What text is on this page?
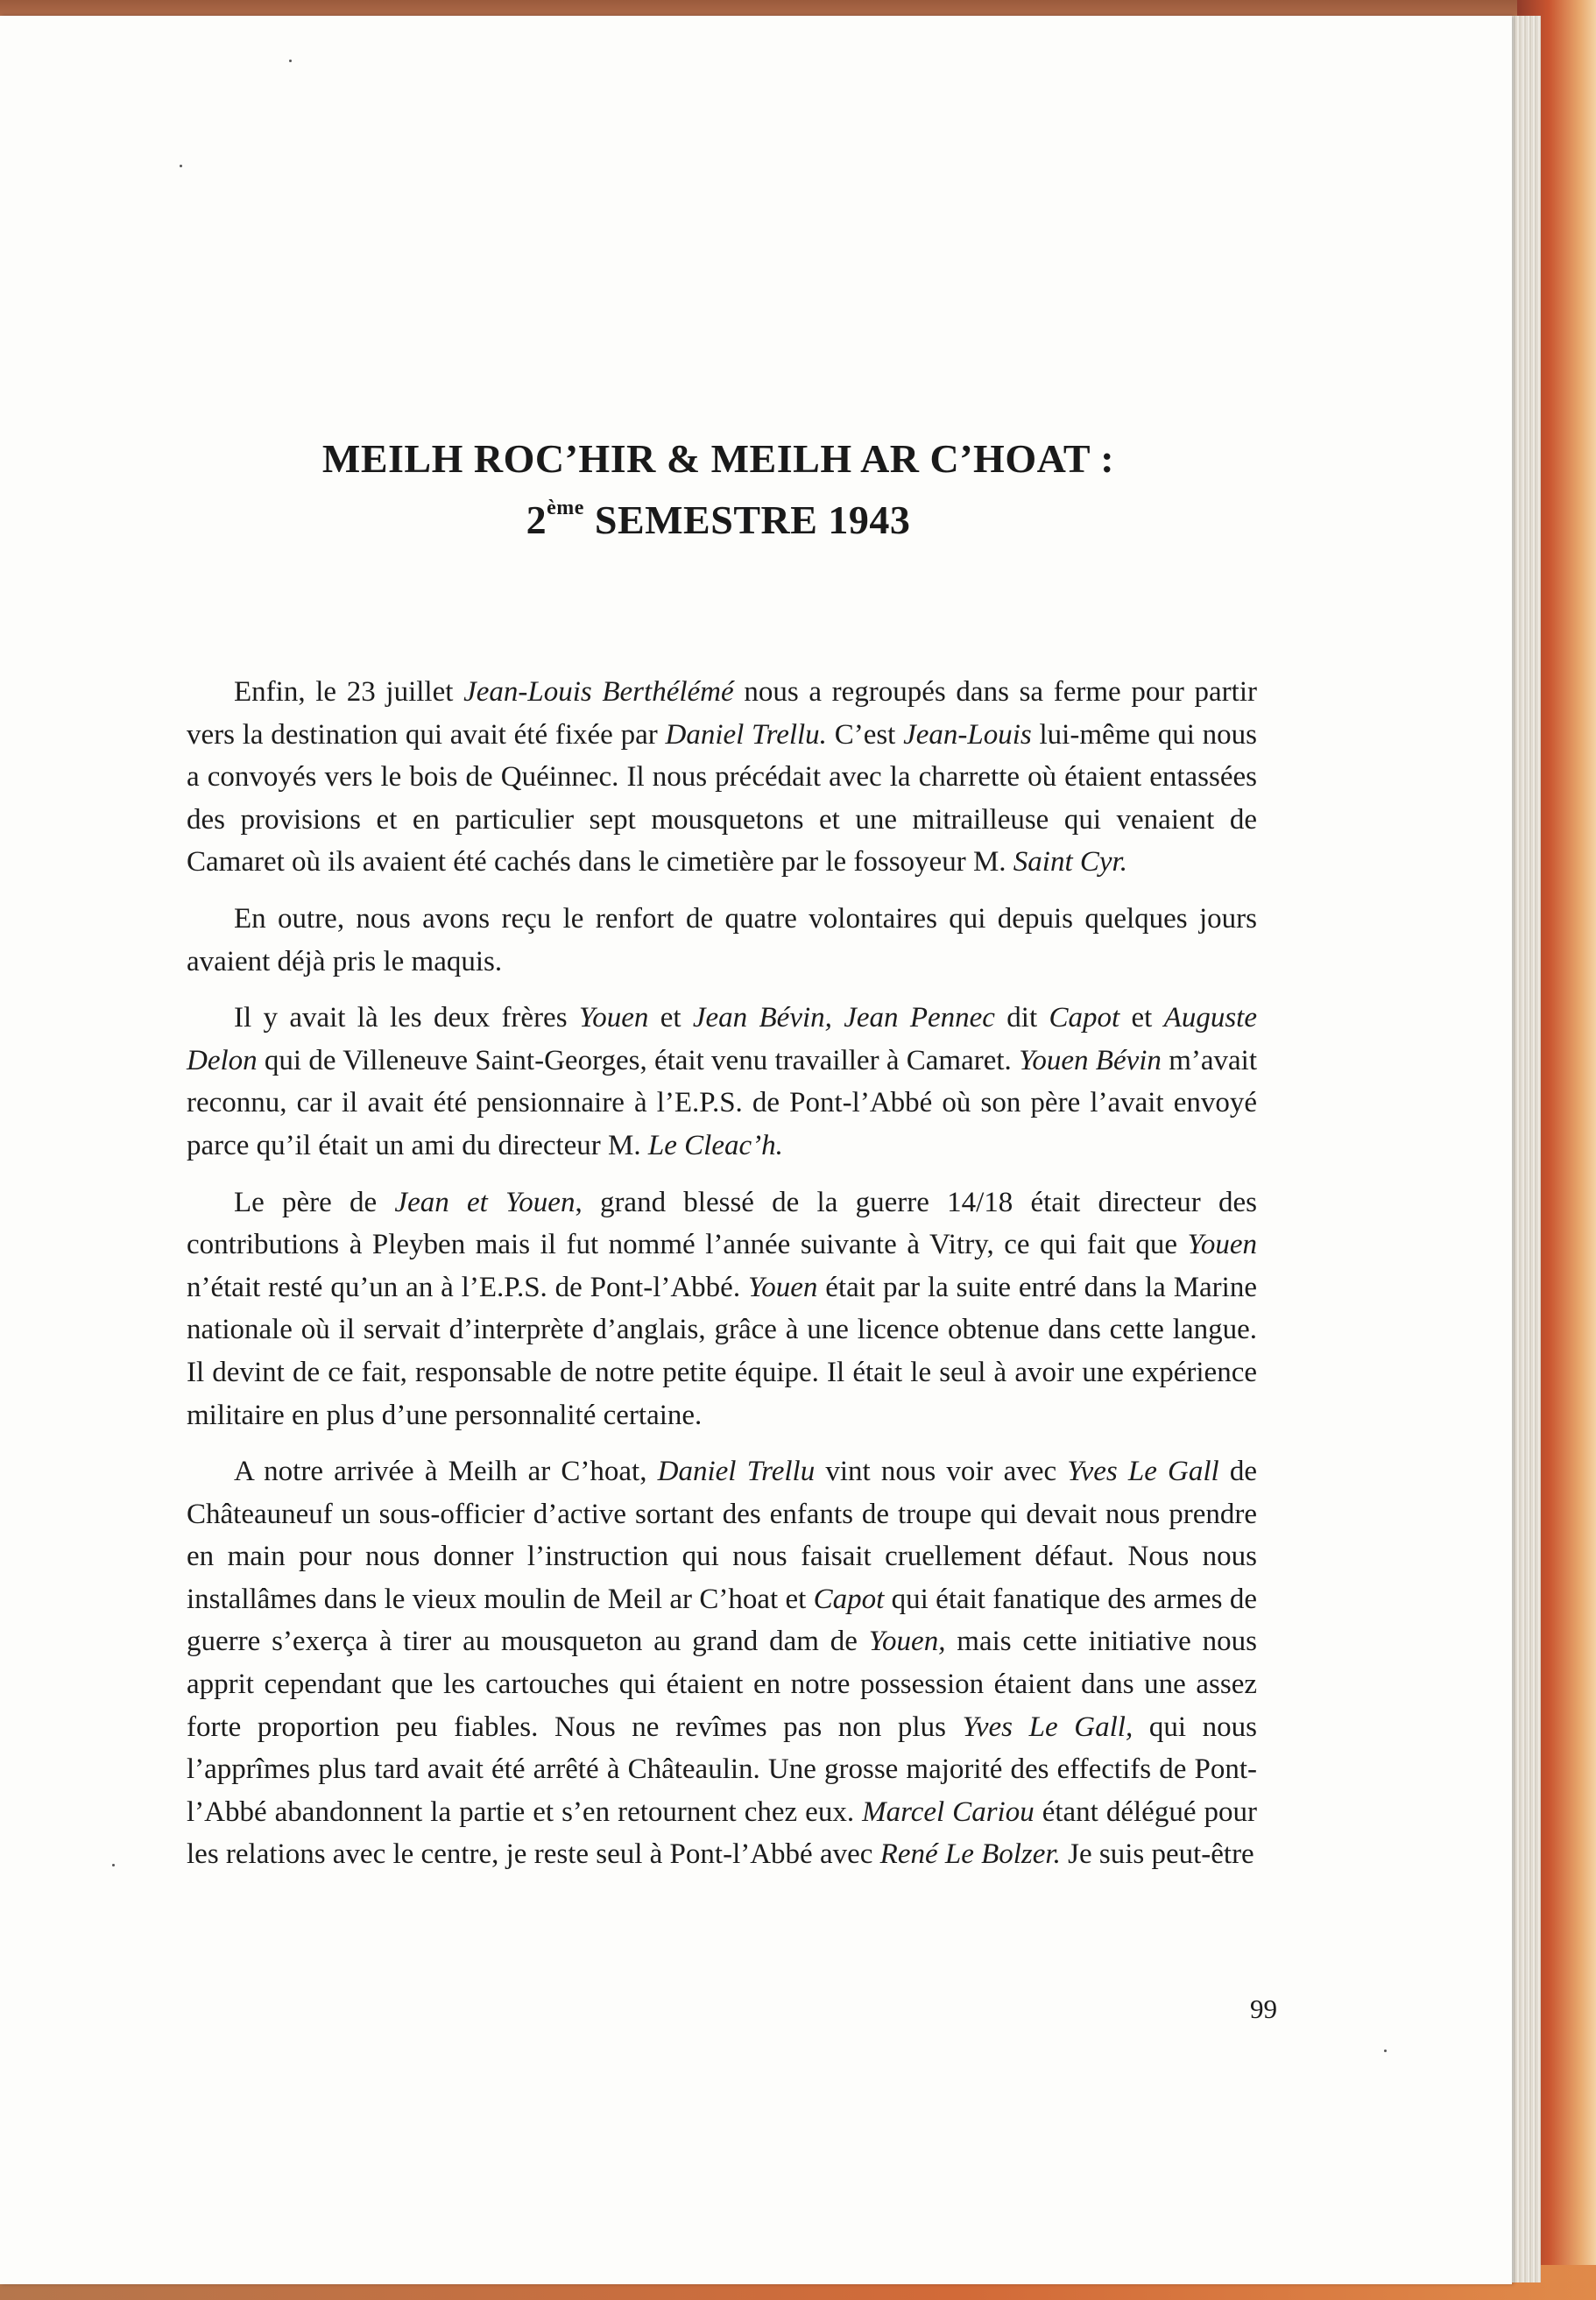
MEILH ROC’HIR & MEILH AR C’HOAT :
2ème SEMESTRE 1943

Enfin, le 23 juillet Jean-Louis Berthélémé nous a regroupés dans sa ferme pour partir vers la destination qui avait été fixée par Daniel Trellu. C’est Jean-Louis lui-même qui nous a convoyés vers le bois de Quéinnec. Il nous précédait avec la charrette où étaient entassées des provisions et en particulier sept mousquetons et une mitrailleuse qui venaient de Camaret où ils avaient été cachés dans le cimetière par le fossoyeur M. Saint Cyr.

En outre, nous avons reçu le renfort de quatre volontaires qui depuis quelques jours avaient déjà pris le maquis.

Il y avait là les deux frères Youen et Jean Bévin, Jean Pennec dit Capot et Auguste Delon qui de Villeneuve Saint-Georges, était venu travailler à Camaret. Youen Bévin m’avait reconnu, car il avait été pensionnaire à l’E.P.S. de Pont-l’Abbé où son père l’avait envoyé parce qu’il était un ami du directeur M. Le Cleac’h.

Le père de Jean et Youen, grand blessé de la guerre 14/18 était directeur des contributions à Pleyben mais il fut nommé l’année suivante à Vitry, ce qui fait que Youen n’était resté qu’un an à l’E.P.S. de Pont-l’Abbé. Youen était par la suite entré dans la Marine nationale où il servait d’interprète d’anglais, grâce à une licence obtenue dans cette langue. Il devint de ce fait, responsable de notre petite équipe. Il était le seul à avoir une expérience militaire en plus d’une personnalité certaine.

A notre arrivée à Meilh ar C’hoat, Daniel Trellu vint nous voir avec Yves Le Gall de Châteauneuf un sous-officier d’active sortant des enfants de troupe qui devait nous prendre en main pour nous donner l’instruction qui nous faisait cruellement défaut. Nous nous installâmes dans le vieux moulin de Meil ar C’hoat et Capot qui était fanatique des armes de guerre s’exerça à tirer au mousqueton au grand dam de Youen, mais cette initiative nous apprit cependant que les cartouches qui étaient en notre possession étaient dans une assez forte proportion peu fiables. Nous ne revîmes pas non plus Yves Le Gall, qui nous l’apprîmes plus tard avait été arrêté à Châteaulin. Une grosse majorité des effectifs de Pont-l’Abbé abandonnent la partie et s’en retournent chez eux. Marcel Cariou étant délégué pour les relations avec le centre, je reste seul à Pont-l’Abbé avec René Le Bolzer. Je suis peut-être

99
